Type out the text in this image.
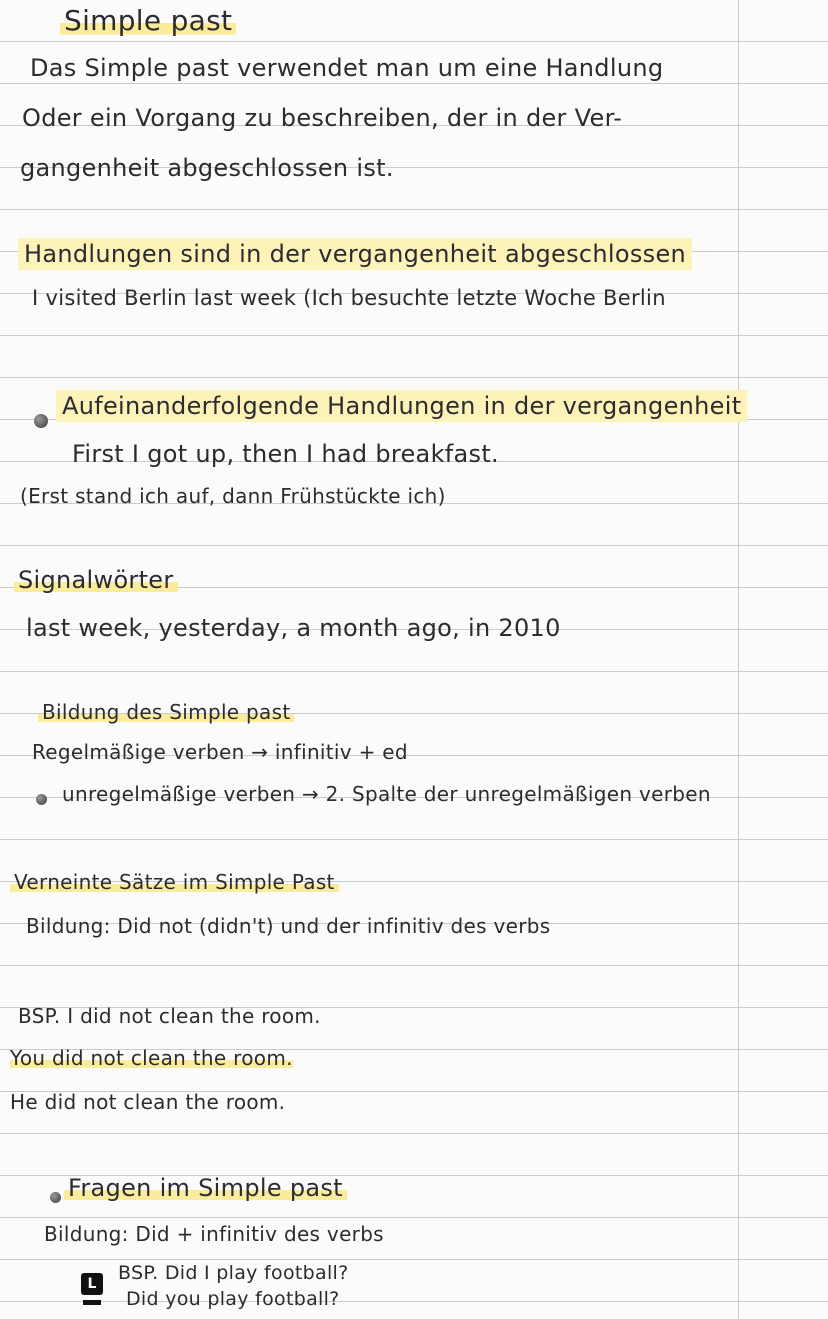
Simple past
Das Simple past verwendet man um eine Handlung
Oder ein Vorgang zu beschreiben, der in der Ver-
gangenheit abgeschlossen ist.
Handlungen sind in der vergangenheit abgeschlossen
I visited Berlin last week (Ich besuchte letzte Woche Berlin
Aufeinanderfolgende Handlungen in der vergangenheit
First I got up, then I had breakfast.
(Erst stand ich auf, dann Frühstückte ich)
Signalwörter
last week, yesterday, a month ago, in 2010
Bildung des Simple past
Regelmäßige verben → infinitiv + ed
unregelmäßige verben → 2. Spalte der unregelmäßigen verben
Verneinte Sätze im Simple Past
Bildung: Did not (didn't) und der infinitiv des verbs
BSP. I did not clean the room.
You did not clean the room.
He did not clean the room.
Fragen im Simple past
Bildung: Did + infinitiv des verbs
L	BSP. Did I play football?
Did you play football?
